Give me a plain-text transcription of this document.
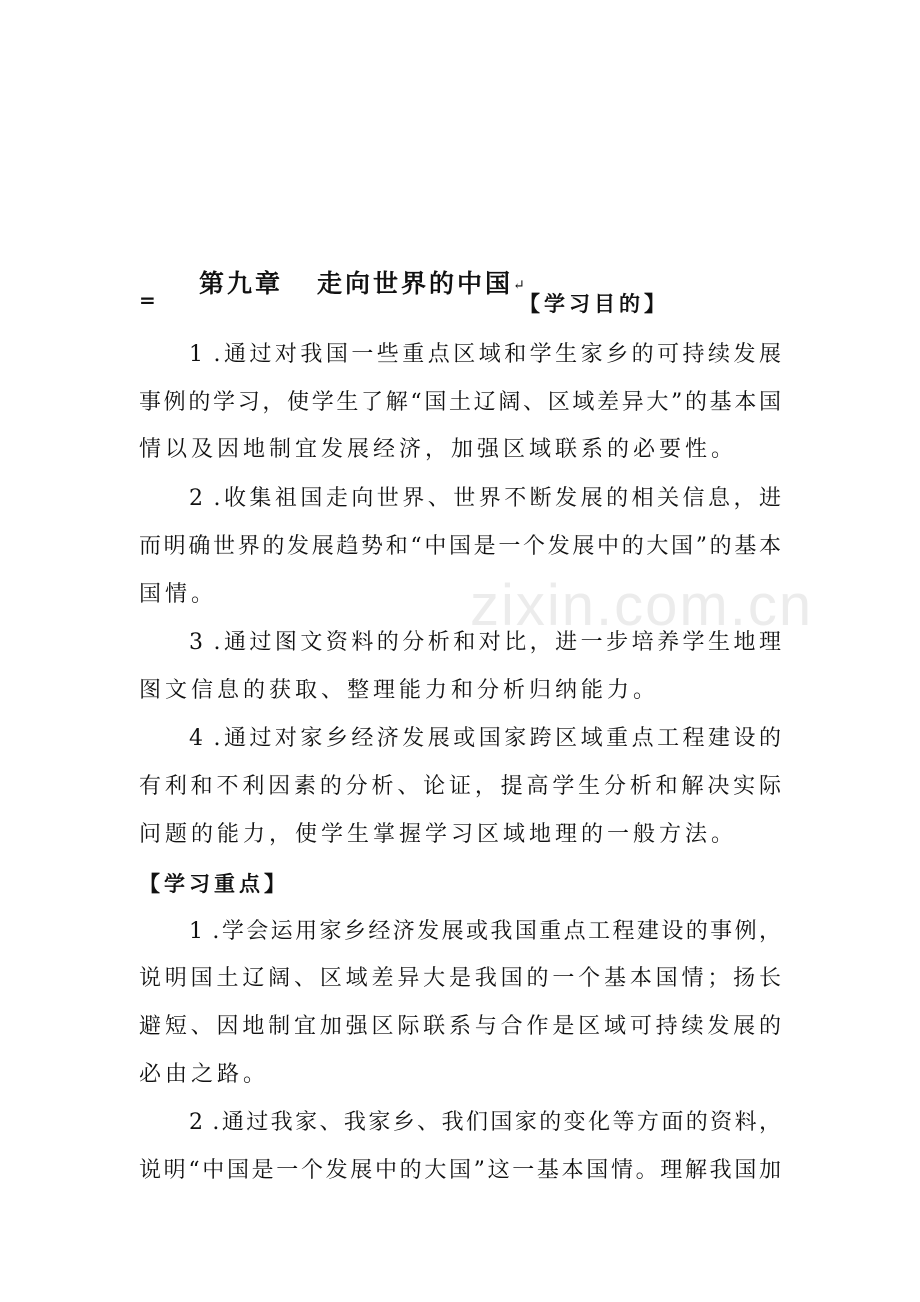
zixin.com.cn
=
第九章 走向世界的中国↵
【学习目的】
1 .通过对我国一些重点区域和学生家乡的可持续发展
事例的学习，使学生了解“国土辽阔、区域差异大”的基本国
情以及因地制宜发展经济，加强区域联系的必要性。
2 .收集祖国走向世界、世界不断发展的相关信息，进
而明确世界的发展趋势和“中国是一个发展中的大国”的基本
国情。
3 .通过图文资料的分析和对比，进一步培养学生地理
图文信息的获取、整理能力和分析归纳能力。
4 .通过对家乡经济发展或国家跨区域重点工程建设的
有利和不利因素的分析、论证，提高学生分析和解决实际
问题的能力，使学生掌握学习区域地理的一般方法。
【学习重点】
1 .学会运用家乡经济发展或我国重点工程建设的事例，
说明国土辽阔、区域差异大是我国的一个基本国情；扬长
避短、因地制宜加强区际联系与合作是区域可持续发展的
必由之路。
2 .通过我家、我家乡、我们国家的变化等方面的资料，
说明“中国是一个发展中的大国”这一基本国情。理解我国加
